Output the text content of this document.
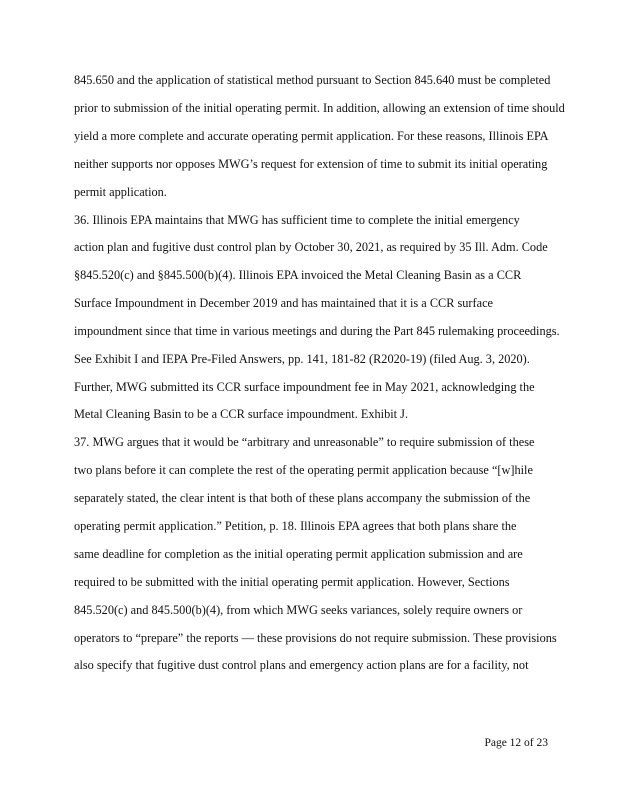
845.650 and the application of statistical method pursuant to Section 845.640 must be completed
prior to submission of the initial operating permit. In addition, allowing an extension of time should
yield a more complete and accurate operating permit application. For these reasons, Illinois EPA
neither supports nor opposes MWG’s request for extension of time to submit its initial operating
permit application.
36. Illinois EPA maintains that MWG has sufficient time to complete the initial emergency
action plan and fugitive dust control plan by October 30, 2021, as required by 35 Ill. Adm. Code
§845.520(c) and §845.500(b)(4). Illinois EPA invoiced the Metal Cleaning Basin as a CCR
Surface Impoundment in December 2019 and has maintained that it is a CCR surface
impoundment since that time in various meetings and during the Part 845 rulemaking proceedings.
See Exhibit I and IEPA Pre-Filed Answers, pp. 141, 181-82 (R2020-19) (filed Aug. 3, 2020).
Further, MWG submitted its CCR surface impoundment fee in May 2021, acknowledging the
Metal Cleaning Basin to be a CCR surface impoundment. Exhibit J.
37. MWG argues that it would be “arbitrary and unreasonable” to require submission of these
two plans before it can complete the rest of the operating permit application because “[w]hile
separately stated, the clear intent is that both of these plans accompany the submission of the
operating permit application.” Petition, p. 18. Illinois EPA agrees that both plans share the
same deadline for completion as the initial operating permit application submission and are
required to be submitted with the initial operating permit application. However, Sections
845.520(c) and 845.500(b)(4), from which MWG seeks variances, solely require owners or
operators to “prepare” the reports — these provisions do not require submission. These provisions
also specify that fugitive dust control plans and emergency action plans are for a facility, not
Page 12 of 23
